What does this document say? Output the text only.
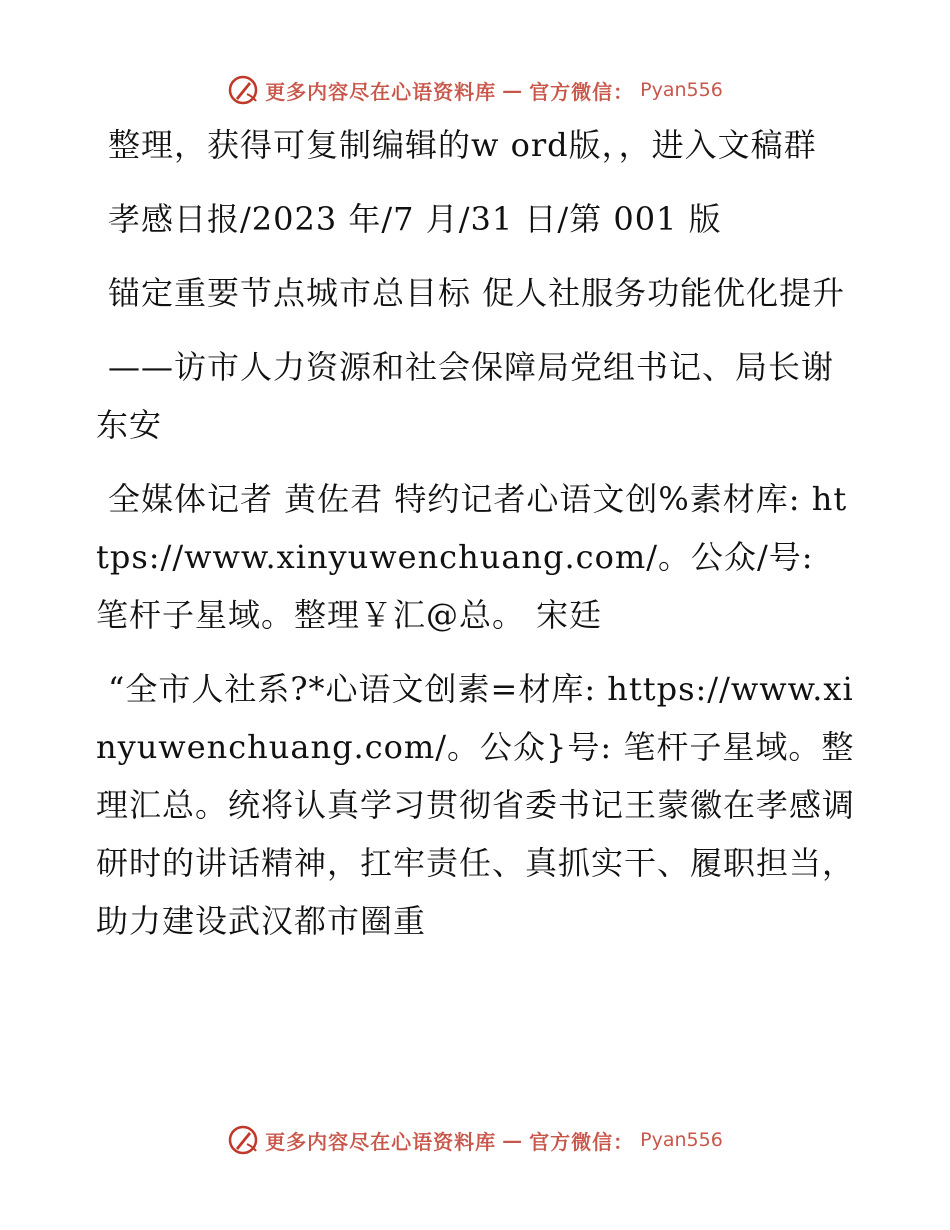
更多内容尽在心语资料库 — 官方微信： Pyan556

整理，获得可复制编辑的w ord版，，进入文稿群

孝感日报/2023 年/7 月/31 日/第 001 版

锚定重要节点城市总目标 促人社服务功能优化提升

——访市人力资源和社会保障局党组书记、局长谢东安

全媒体记者 黄佐君 特约记者心语文创%素材库: https://www.xinyuwenchuang.com/。公众/号: 笔杆子星域。整理￥汇@总。 宋廷

“全市人社系?*心语文创素=材库: https://www.xinyuwenchuang.com/。公众}号: 笔杆子星域。整理汇总。统将认真学习贯彻省委书记王蒙徽在孝感调研时的讲话精神，扛牢责任、真抓实干、履职担当，助力建设武汉都市圈重

更多内容尽在心语资料库 — 官方微信： Pyan556
